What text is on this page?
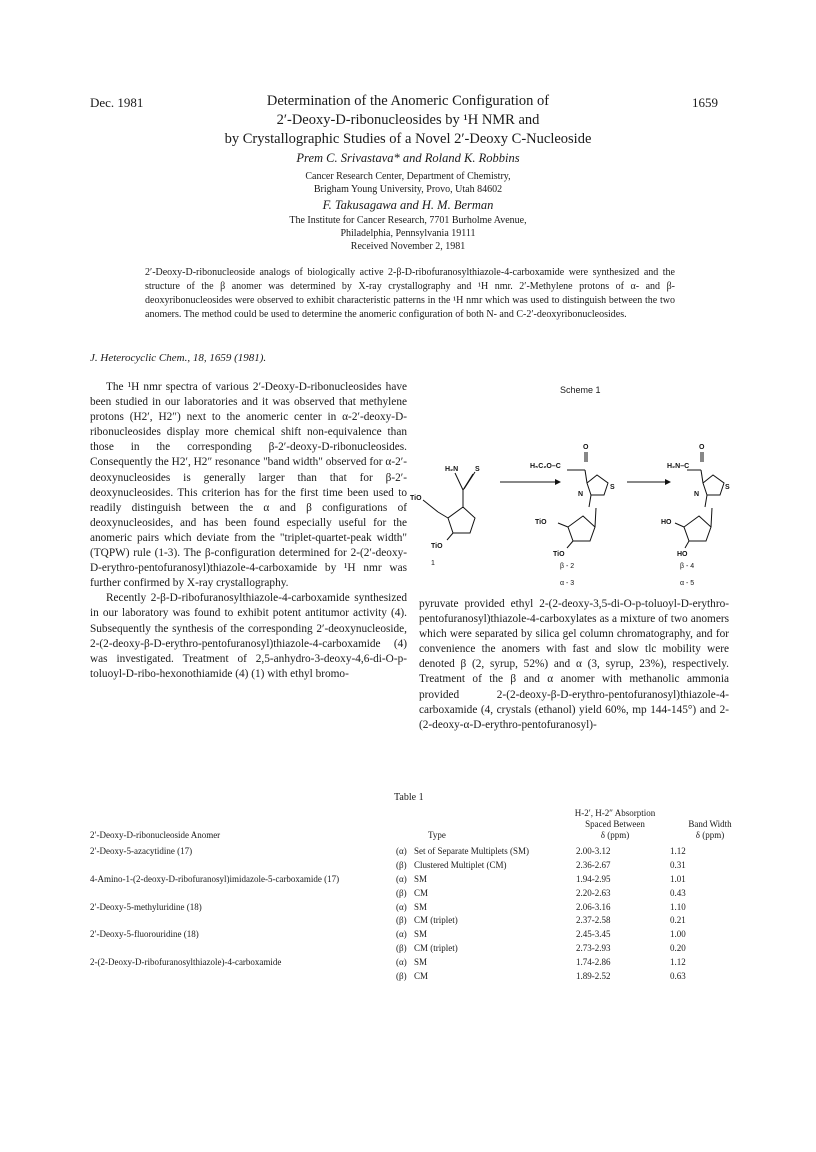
Dec. 1981	1659
Determination of the Anomeric Configuration of
2′-Deoxy-D-ribonucleosides by ¹H NMR and
by Crystallographic Studies of a Novel 2′-Deoxy C-Nucleoside
Prem C. Srivastava* and Roland K. Robbins
Cancer Research Center, Department of Chemistry,
Brigham Young University, Provo, Utah 84602
F. Takusagawa and H. M. Berman
The Institute for Cancer Research, 7701 Burholme Avenue,
Philadelphia, Pennsylvania 19111
Received November 2, 1981
2′-Deoxy-D-ribonucleoside analogs of biologically active 2-β-D-ribofuranosylthiazole-4-carboxamide were synthesized and the structure of the β anomer was determined by X-ray crystallography and ¹H nmr. 2′-Methylene protons of α- and β-deoxyribonucleosides were observed to exhibit characteristic patterns in the ¹H nmr which was used to distinguish between the two anomers. The method could be used to determine the anomeric configuration of both N- and C-2′-deoxyribonucleosides.
J. Heterocyclic Chem., 18, 1659 (1981).

The ¹H nmr spectra of various 2′-Deoxy-D-ribonucleosides have been studied in our laboratories and it was observed that methylene protons (H2′, H2″) next to the anomeric center in α-2′-deoxy-D-ribonucleosides display more chemical shift non-equivalence than those in the corresponding β-2′-deoxy-D-ribonucleosides. Consequently the H2′, H2″ resonance "band width" observed for α-2′-deoxynucleosides is generally larger than that for β-2′-deoxynucleosides. This criterion has for the first time been used to readily distinguish between the α and β configurations of deoxynucleosides, and has been found especially useful for the anomeric pairs which deviate from the "triplet-quartet-peak width" (TQPW) rule (1-3). The β-configuration determined for 2-(2′-deoxy-D-erythro-pentofuranosyl)thiazole-4-carboxamide by ¹H nmr was further confirmed by X-ray crystallography.

Recently 2-β-D-ribofuranosylthiazole-4-carboxamide synthesized in our laboratory was found to exhibit potent antitumor activity (4). Subsequently the synthesis of the corresponding 2′-deoxynucleoside, 2-(2-deoxy-β-D-erythro-pentofuranosyl)thiazole-4-carboxamide (4) was investigated. Treatment of 2,5-anhydro-3-deoxy-4,6-di-O-p-toluoyl-D-ribo-hexonothiamide (4) (1) with ethyl bromo-

Scheme 1
H₂N S
TiO
TiO
1
H₅C₂O–C
O
N
S
TiO
TiO
β - 2
α - 3
H₂N–C
O
N
S
HO
HO
β - 4
α - 5

pyruvate provided ethyl 2-(2-deoxy-3,5-di-O-p-toluoyl-D-erythro-pentofuranosyl)thiazole-4-carboxylates as a mixture of two anomers which were separated by silica gel column chromatography, and for convenience the anomers with fast and slow tlc mobility were denoted β (2, syrup, 52%) and α (3, syrup, 23%), respectively. Treatment of the β and α anomer with methanolic ammonia provided 2-(2-deoxy-β-D-erythro-pentofuranosyl)thiazole-4-carboxamide (4, crystals (ethanol) yield 60%, mp 144-145°) and 2-(2-deoxy-α-D-erythro-pentofuranosyl)-

Table 1
H-2′, H-2″ Absorption
Spaced Between
δ (ppm)
Band Width
δ (ppm)
2′-Deoxy-D-ribonucleoside Anomer	Type
2′-Deoxy-5-azacytidine (17)	(α) Set of Separate Multiplets (SM)	2.00-3.12	1.12
(β) Clustered Multiplet (CM)	2.36-2.67	0.31
4-Amino-1-(2-deoxy-D-ribofuranosyl)imidazole-5-carboxamide (17)	(α) SM	1.94-2.95	1.01
(β) CM	2.20-2.63	0.43
2′-Deoxy-5-methyluridine (18)	(α) SM	2.06-3.16	1.10
(β) CM (triplet)	2.37-2.58	0.21
2′-Deoxy-5-fluorouridine (18)	(α) SM	2.45-3.45	1.00
(β) CM (triplet)	2.73-2.93	0.20
2-(2-Deoxy-D-ribofuranosylthiazole)-4-carboxamide	(α) SM	1.74-2.86	1.12
(β) CM	1.89-2.52	0.63
